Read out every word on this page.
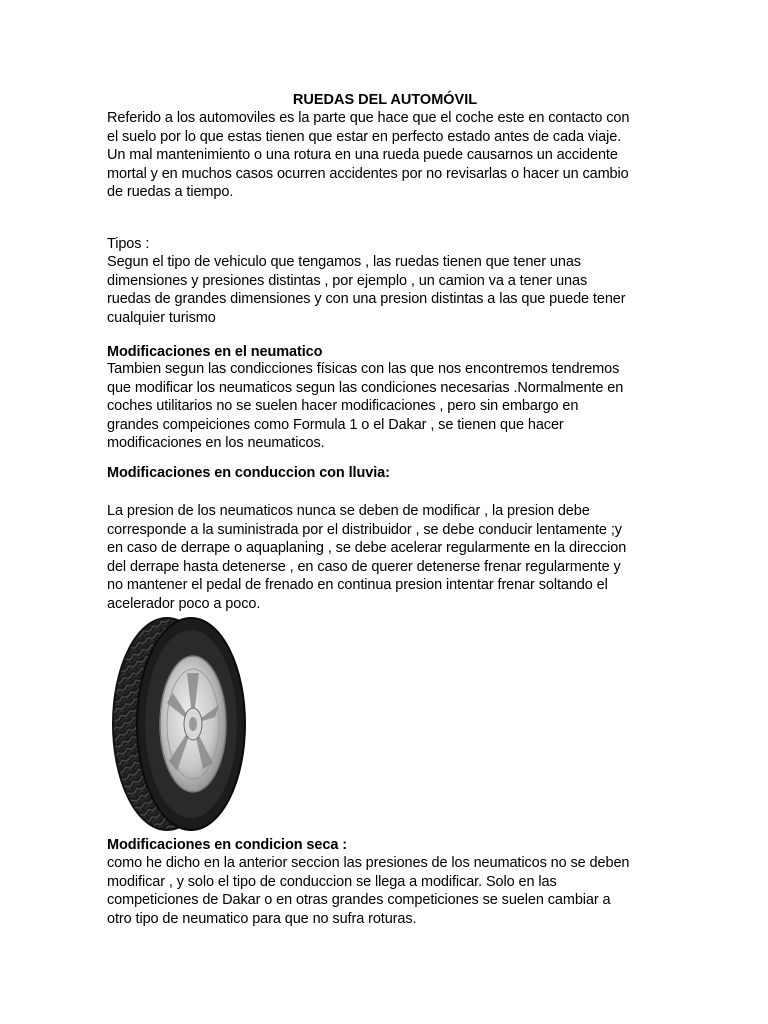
RUEDAS DEL AUTOMÓVIL

Referido a los automoviles es la parte que hace que el coche este en contacto con
el suelo por lo que estas tienen que estar en perfecto estado antes de cada viaje.
Un mal mantenimiento o una rotura en una rueda puede causarnos un accidente
mortal y en muchos casos ocurren accidentes por no revisarlas o hacer un cambio
de ruedas a tiempo.

Tipos :

Segun el tipo de vehiculo que tengamos , las ruedas tienen que tener unas
dimensiones y presiones distintas , por ejemplo , un camion va a tener unas
ruedas de grandes dimensiones y con una presion distintas a las que puede tener
cualquier turismo

Modificaciones en el neumatico

Tambien segun las condicciones físicas con las que nos encontremos tendremos
que modificar los neumaticos segun las condiciones necesarias .Normalmente en
coches utilitarios no se suelen hacer modificaciones , pero sin embargo en
grandes compeiciones como Formula 1 o el Dakar , se tienen que hacer
modificaciones en los neumaticos.

Modificaciones en conduccion con lluvia:

La presion de los neumaticos nunca se deben de modificar , la presion debe
corresponde a la suministrada por el distribuidor , se debe conducir lentamente ;y
en caso de derrape o aquaplaning , se debe acelerar regularmente en la direccion
del derrape hasta detenerse , en caso de querer detenerse frenar regularmente y
no mantener el pedal de frenado en continua presion intentar frenar soltando el
acelerador poco a poco.

Modificaciones en condicion seca :

como he dicho en la anterior seccion las presiones de los neumaticos no se deben
modificar , y solo el tipo de conduccion se llega a modificar. Solo en las
competiciones de Dakar o en otras grandes competiciones se suelen cambiar a
otro tipo de neumatico para que no sufra roturas.
